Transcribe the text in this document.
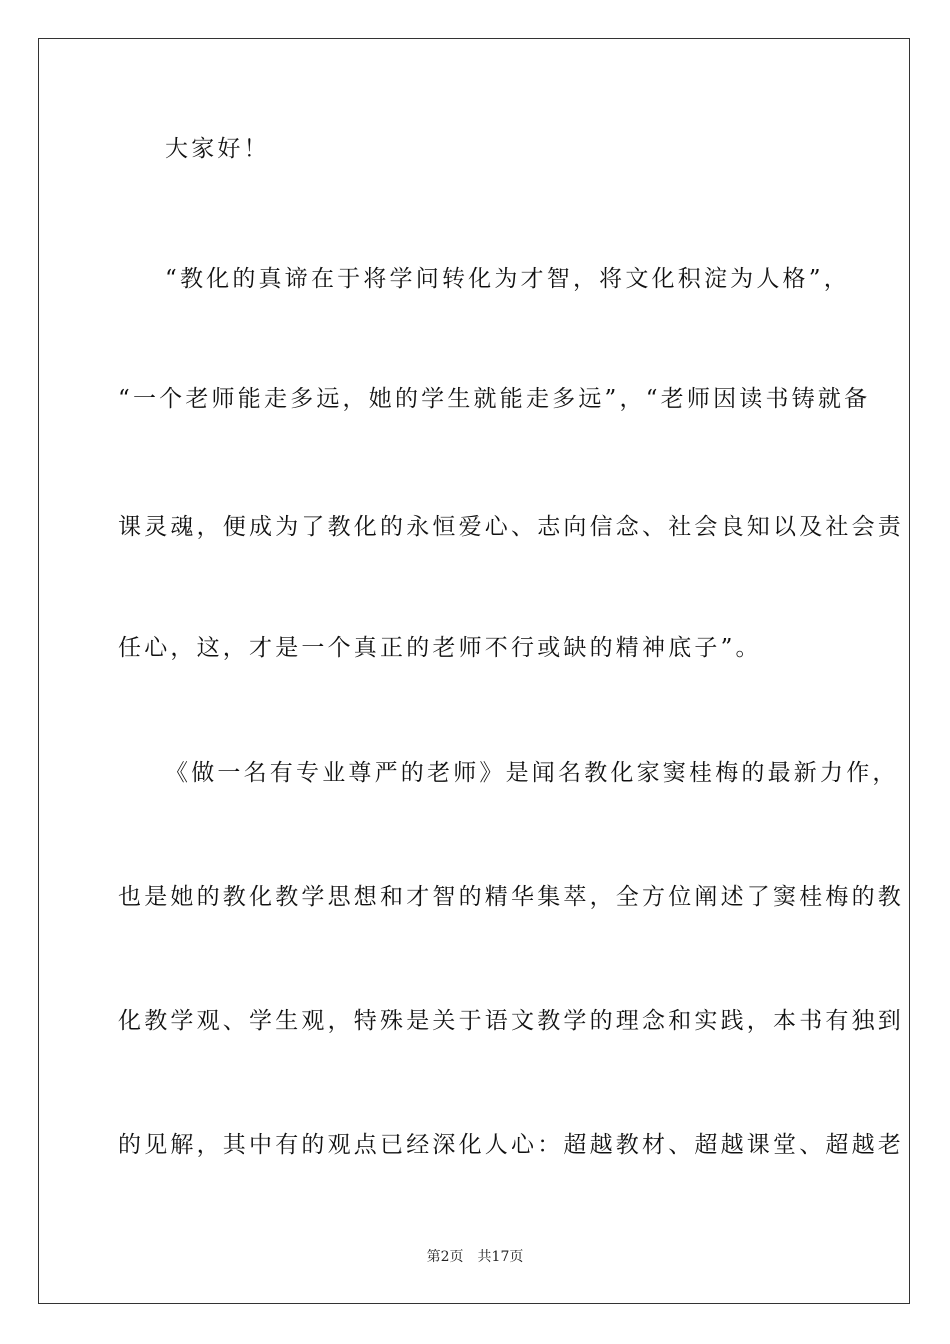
大家好！
“教化的真谛在于将学问转化为才智，将文化积淀为人格”，
“一个老师能走多远，她的学生就能走多远”，“老师因读书铸就备
课灵魂，便成为了教化的永恒爱心、志向信念、社会良知以及社会责
任心，这，才是一个真正的老师不行或缺的精神底子”。
《做一名有专业尊严的老师》是闻名教化家窦桂梅的最新力作，
也是她的教化教学思想和才智的精华集萃，全方位阐述了窦桂梅的教
化教学观、学生观，特殊是关于语文教学的理念和实践，本书有独到
的见解，其中有的观点已经深化人心：超越教材、超越课堂、超越老
第2页 共17页
